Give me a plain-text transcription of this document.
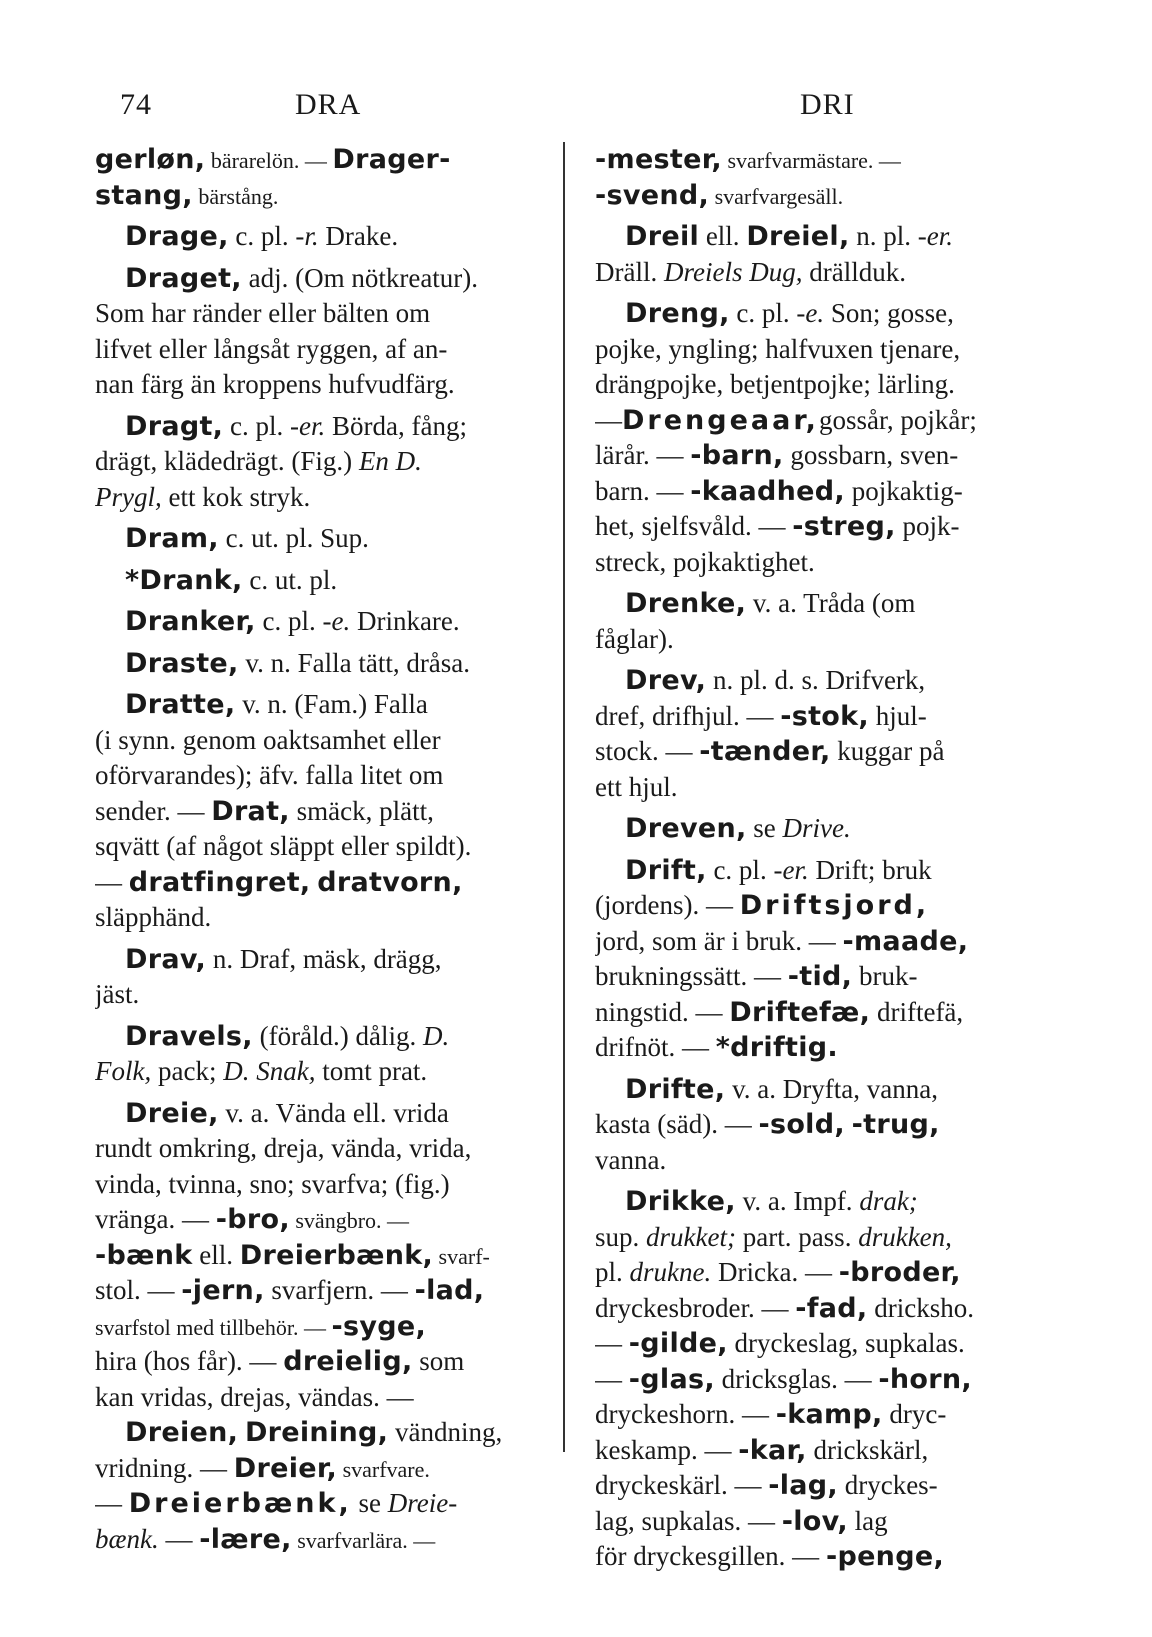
74	DRA	DRI
gerløn, bärarelön. — Drager-
stang, bärstång.
Drage, c. pl. -r. Drake.
Draget, adj. (Om nötkreatur).
Som har ränder eller bälten om
lifvet eller långsåt ryggen, af an-
nan färg än kroppens hufvudfärg.
Dragt, c. pl. -er. Börda, fång;
drägt, klädedrägt. (Fig.) En D.
Prygl, ett kok stryk.
Dram, c. ut. pl. Sup.
*Drank, c. ut. pl.
Dranker, c. pl. -e. Drinkare.
Draste, v. n. Falla tätt, dråsa.
Dratte, v. n. (Fam.) Falla
(i synn. genom oaktsamhet eller
oförvarandes); äfv. falla litet om
sender. — Drat, smäck, plätt,
sqvätt (af något släppt eller spildt).
— dratfingret, dratvorn,
släpphänd.
Drav, n. Draf, mäsk, drägg,
jäst.
Dravels, (föråld.) dålig. D.
Folk, pack; D. Snak, tomt prat.
Dreie, v. a. Vända ell. vrida
rundt omkring, dreja, vända, vrida,
vinda, tvinna, sno; svarfva; (fig.)
vränga. — -bro, svängbro. —
-bænk ell. Dreierbænk, svarf-
stol. — -jern, svarfjern. — -lad,
svarfstol med tillbehör. — -syge,
hira (hos får). — dreielig, som
kan vridas, drejas, vändas. —
Dreien, Dreining, vändning,
vridning. — Dreier, svarfvare.
— Dreierbænk, se Dreie-
bænk. — -lære, svarfvarlära. —
-mester, svarfvarmästare. —
-svend, svarfvargesäll.
Dreil ell. Dreiel, n. pl. -er.
Dräll. Dreiels Dug, drällduk.
Dreng, c. pl. -e. Son; gosse,
pojke, yngling; halfvuxen tjenare,
drängpojke, betjentpojke; lärling.
—Drengeaar,gossår, pojkår;
lärår. — -barn, gossbarn, sven-
barn. — -kaadhed, pojkaktig-
het, sjelfsvåld. — -streg, pojk-
streck, pojkaktighet.
Drenke, v. a. Tråda (om
fåglar).
Drev, n. pl. d. s. Drifverk,
dref, drifhjul. — -stok, hjul-
stock. — -tænder, kuggar på
ett hjul.
Dreven, se Drive.
Drift, c. pl. -er. Drift; bruk
(jordens). — Driftsjord,
jord, som är i bruk. — -maade,
brukningssätt. — -tid, bruk-
ningstid. — Driftefæ, driftefä,
drifnöt. — *driftig.
Drifte, v. a. Dryfta, vanna,
kasta (säd). — -sold, -trug,
vanna.
Drikke, v. a. Impf. drak;
sup. drukket; part. pass. drukken,
pl. drukne. Dricka. — -broder,
dryckesbroder. — -fad, dricksho.
— -gilde, dryckeslag, supkalas.
— -glas, dricksglas. — -horn,
dryckeshorn. — -kamp, dryc-
keskamp. — -kar, drickskärl,
dryckeskärl. — -lag, dryckes-
lag, supkalas. — -lov, lag
för dryckesgillen. — -penge,
